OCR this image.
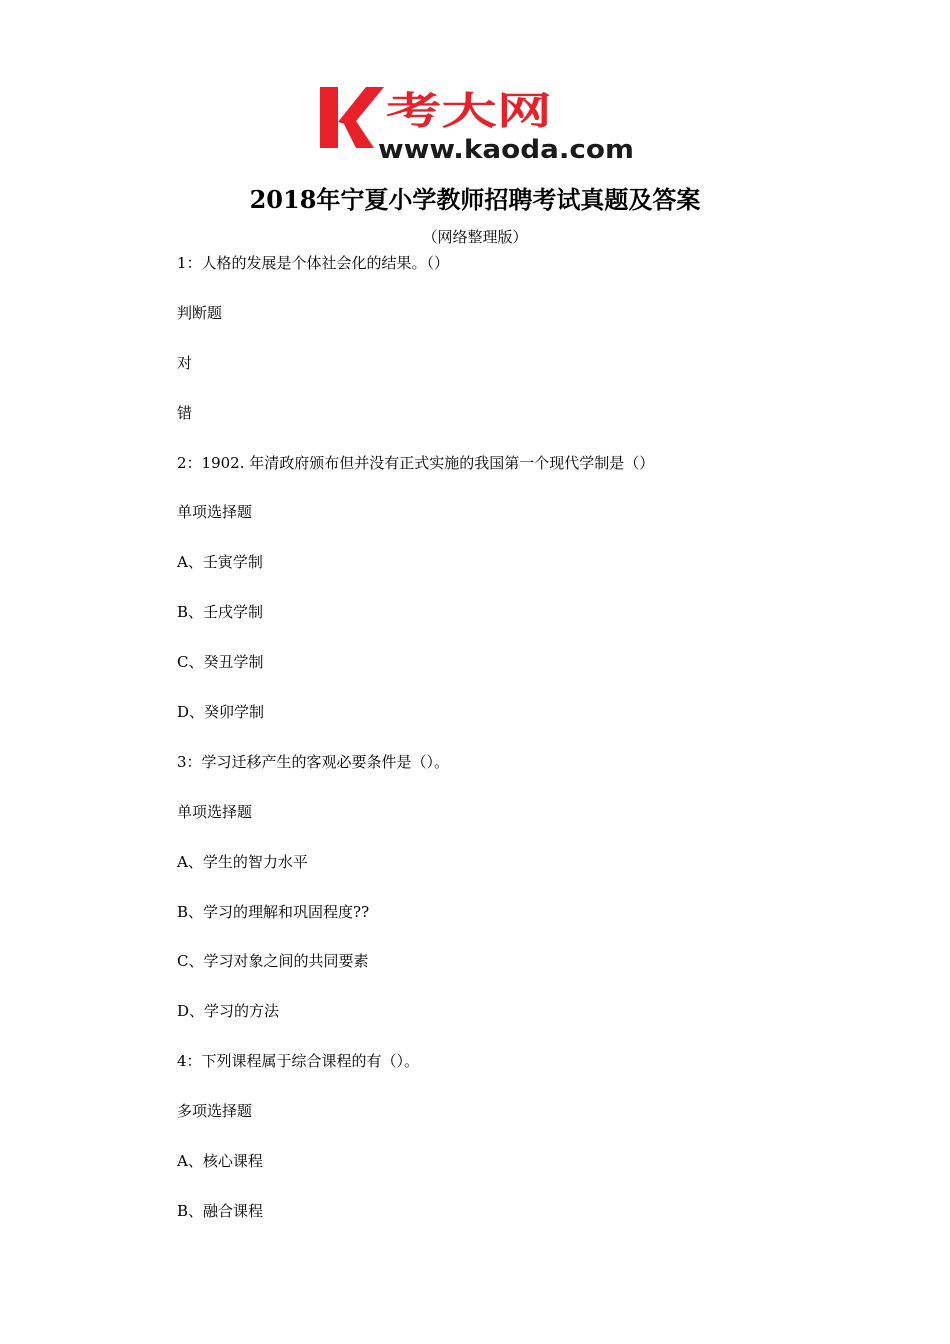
考大网
www.kaoda.com
2018年宁夏小学教师招聘考试真题及答案
（网络整理版）
1：人格的发展是个体社会化的结果。（）
判断题
对
错
2：1902. 年清政府颁布但并没有正式实施的我国第一个现代学制是（）
单项选择题
A、壬寅学制
B、壬戌学制
C、癸丑学制
D、癸卯学制
3：学习迁移产生的客观必要条件是（）。
单项选择题
A、学生的智力水平
B、学习的理解和巩固程度??
C、学习对象之间的共同要素
D、学习的方法
4：下列课程属于综合课程的有（）。
多项选择题
A、核心课程
B、融合课程
